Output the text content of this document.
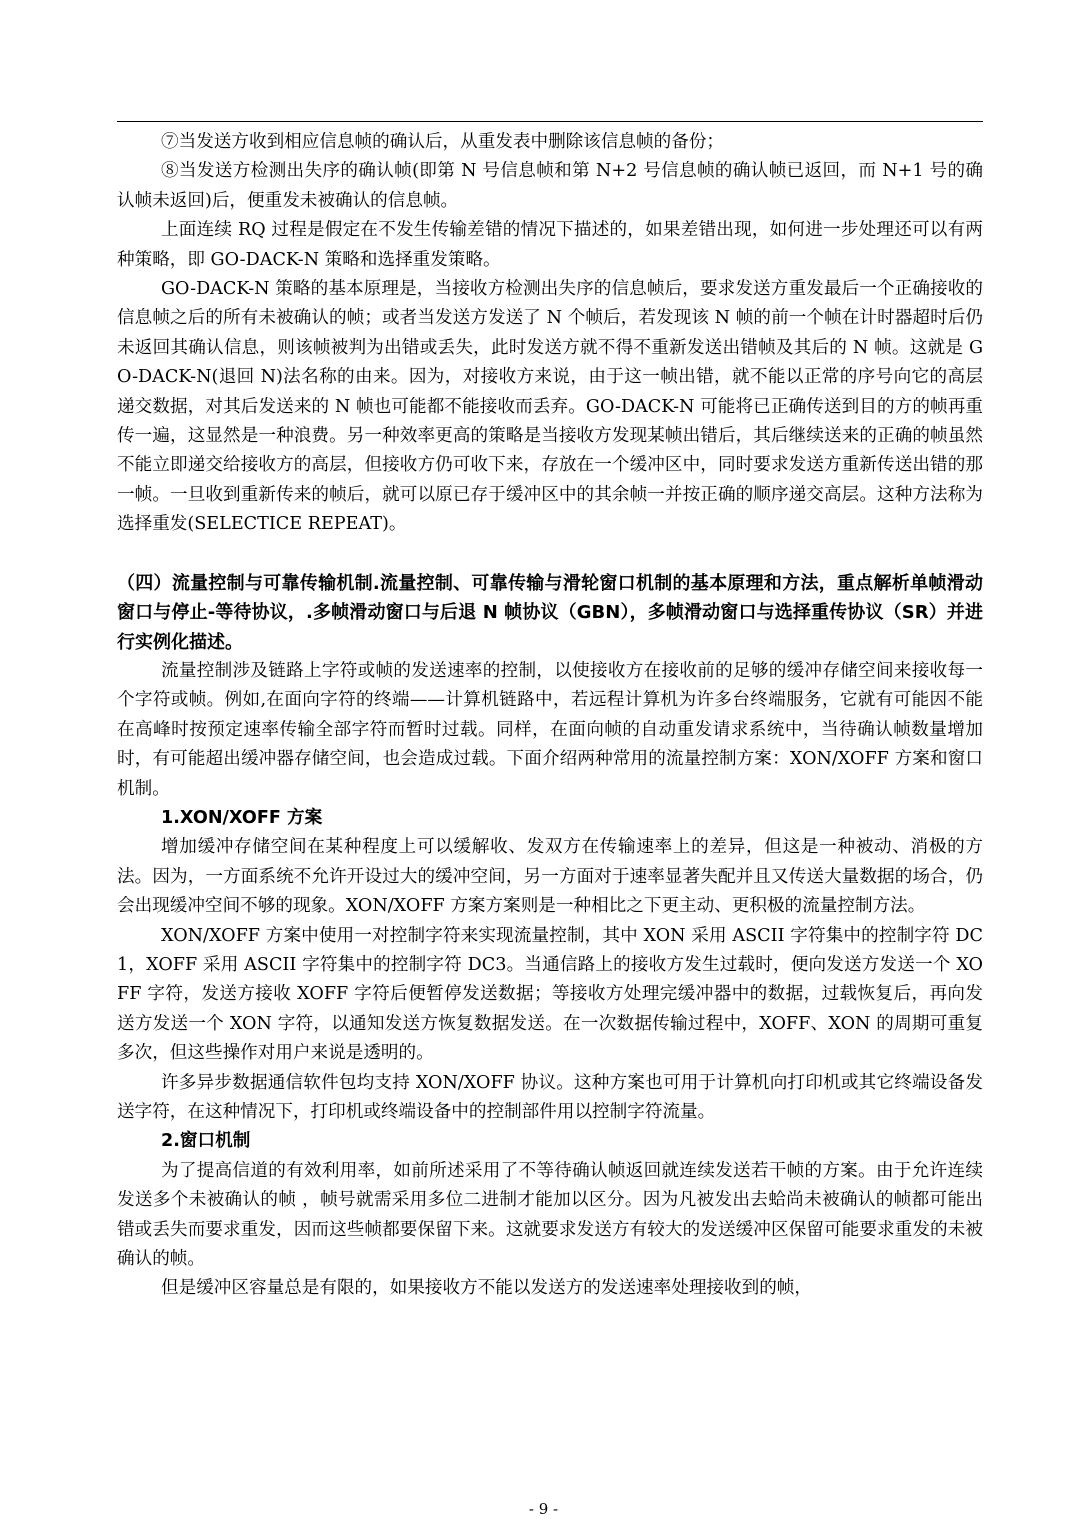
⑦当发送方收到相应信息帧的确认后，从重发表中删除该信息帧的备份；

⑧当发送方检测出失序的确认帧(即第 N 号信息帧和第 N+2 号信息帧的确认帧已返回，而 N+1 号的确认帧未返回)后，便重发未被确认的信息帧。

上面连续 RQ 过程是假定在不发生传输差错的情况下描述的，如果差错出现，如何进一步处理还可以有两种策略，即 GO-DACK-N 策略和选择重发策略。

GO-DACK-N 策略的基本原理是，当接收方检测出失序的信息帧后，要求发送方重发最后一个正确接收的信息帧之后的所有未被确认的帧；或者当发送方发送了 N 个帧后，若发现该 N 帧的前一个帧在计时器超时后仍未返回其确认信息，则该帧被判为出错或丢失，此时发送方就不得不重新发送出错帧及其后的 N 帧。这就是 GO-DACK-N(退回 N)法名称的由来。因为，对接收方来说，由于这一帧出错，就不能以正常的序号向它的高层递交数据，对其后发送来的 N 帧也可能都不能接收而丢弃。GO-DACK-N 可能将已正确传送到目的方的帧再重传一遍，这显然是一种浪费。另一种效率更高的策略是当接收方发现某帧出错后，其后继续送来的正确的帧虽然不能立即递交给接收方的高层，但接收方仍可收下来，存放在一个缓冲区中，同时要求发送方重新传送出错的那一帧。一旦收到重新传来的帧后，就可以原已存于缓冲区中的其余帧一并按正确的顺序递交高层。这种方法称为选择重发(SELECTICE REPEAT)。

（四）流量控制与可靠传输机制.流量控制、可靠传输与滑轮窗口机制的基本原理和方法，重点解析单帧滑动窗口与停止-等待协议，.多帧滑动窗口与后退 N 帧协议（GBN），多帧滑动窗口与选择重传协议（SR）并进行实例化描述。

流量控制涉及链路上字符或帧的发送速率的控制，以使接收方在接收前的足够的缓冲存储空间来接收每一个字符或帧。例如,在面向字符的终端——计算机链路中，若远程计算机为许多台终端服务，它就有可能因不能在高峰时按预定速率传输全部字符而暂时过载。同样，在面向帧的自动重发请求系统中，当待确认帧数量增加时，有可能超出缓冲器存储空间，也会造成过载。下面介绍两种常用的流量控制方案：XON/XOFF 方案和窗口机制。

1.XON/XOFF 方案

增加缓冲存储空间在某种程度上可以缓解收、发双方在传输速率上的差异，但这是一种被动、消极的方法。因为，一方面系统不允许开设过大的缓冲空间，另一方面对于速率显著失配并且又传送大量数据的场合，仍会出现缓冲空间不够的现象。XON/XOFF 方案方案则是一种相比之下更主动、更积极的流量控制方法。

XON/XOFF 方案中使用一对控制字符来实现流量控制，其中 XON 采用 ASCII 字符集中的控制字符 DC1，XOFF 采用 ASCII 字符集中的控制字符 DC3。当通信路上的接收方发生过载时，便向发送方发送一个 XOFF 字符，发送方接收 XOFF 字符后便暂停发送数据；等接收方处理完缓冲器中的数据，过载恢复后，再向发送方发送一个 XON 字符，以通知发送方恢复数据发送。在一次数据传输过程中，XOFF、XON 的周期可重复多次，但这些操作对用户来说是透明的。

许多异步数据通信软件包均支持 XON/XOFF 协议。这种方案也可用于计算机向打印机或其它终端设备发送字符，在这种情况下，打印机或终端设备中的控制部件用以控制字符流量。

2.窗口机制

为了提高信道的有效利用率，如前所述采用了不等待确认帧返回就连续发送若干帧的方案。由于允许连续发送多个未被确认的帧 ，帧号就需采用多位二进制才能加以区分。因为凡被发出去蛤尚未被确认的帧都可能出错或丢失而要求重发，因而这些帧都要保留下来。这就要求发送方有较大的发送缓冲区保留可能要求重发的未被确认的帧。

但是缓冲区容量总是有限的，如果接收方不能以发送方的发送速率处理接收到的帧，

- 9 -
